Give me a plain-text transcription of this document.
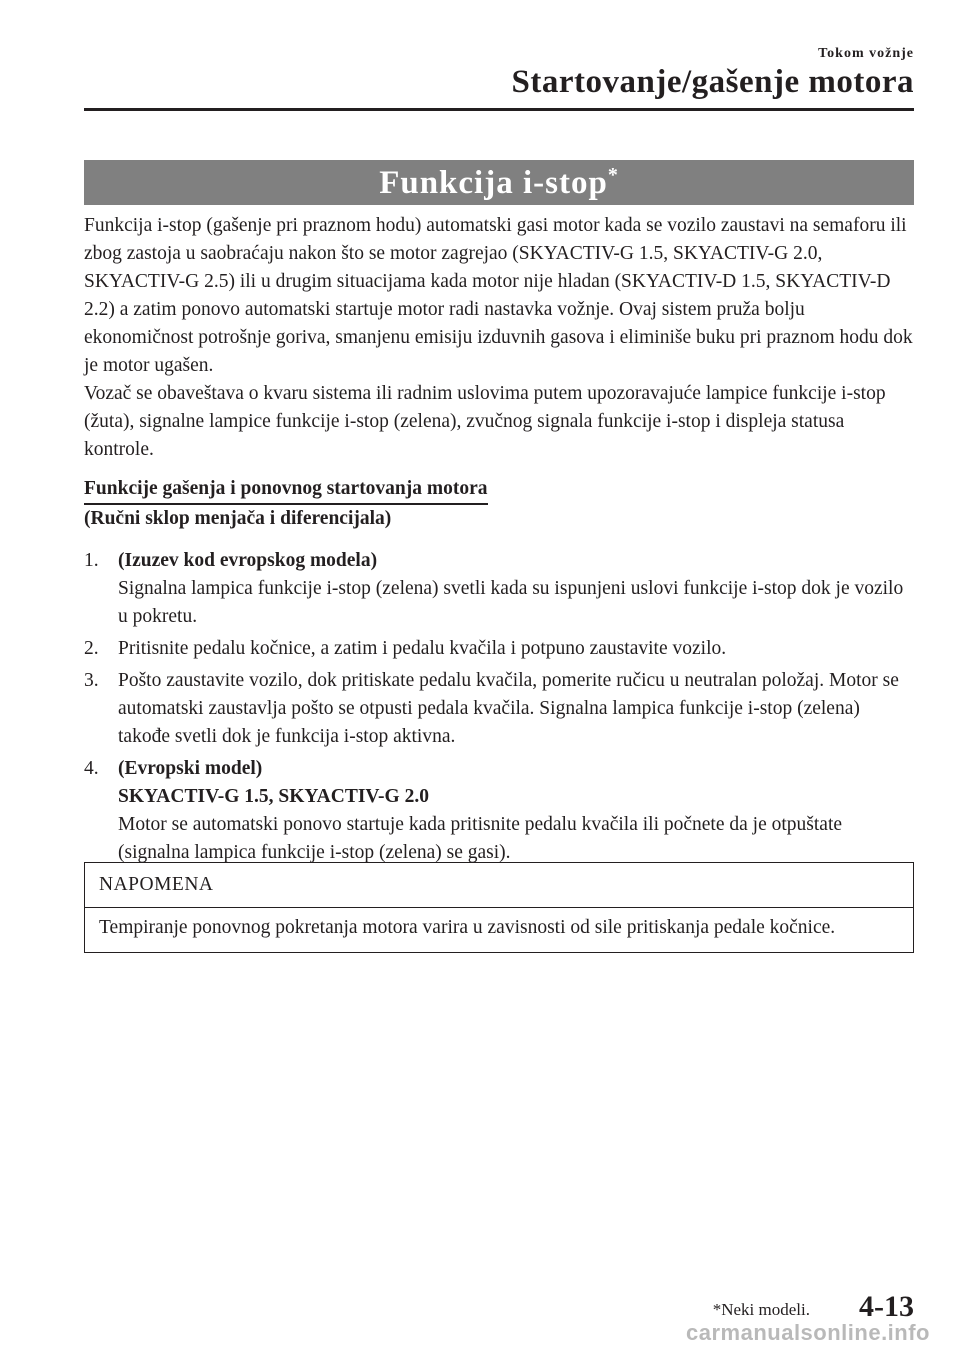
Tokom vožnje
Startovanje/gašenje motora
Funkcija i-stop*

Funkcija i-stop (gašenje pri praznom hodu) automatski gasi motor kada se vozilo zaustavi na semaforu ili zbog zastoja u saobraćaju nakon što se motor zagrejao (SKYACTIV-G 1.5, SKYACTIV-G 2.0, SKYACTIV-G 2.5) ili u drugim situacijama kada motor nije hladan (SKYACTIV-D 1.5, SKYACTIV-D 2.2) a zatim ponovo automatski startuje motor radi nastavka vožnje. Ovaj sistem pruža bolju ekonomičnost potrošnje goriva, smanjenu emisiju izduvnih gasova i eliminiše buku pri praznom hodu dok je motor ugašen.

Vozač se obaveštava o kvaru sistema ili radnim uslovima putem upozoravajuće lampice funkcije i-stop (žuta), signalne lampice funkcije i-stop (zelena), zvučnog signala funkcije i-stop i displeja statusa kontrole.

Funkcije gašenja i ponovnog startovanja motora

(Ručni sklop menjača i diferencijala)

1. (Izuzev kod evropskog modela)
Signalna lampica funkcije i-stop (zelena) svetli kada su ispunjeni uslovi funkcije i-stop dok je vozilo u pokretu.
2. Pritisnite pedalu kočnice, a zatim i pedalu kvačila i potpuno zaustavite vozilo.
3. Pošto zaustavite vozilo, dok pritiskate pedalu kvačila, pomerite ručicu u neutralan položaj. Motor se automatski zaustavlja pošto se otpusti pedala kvačila. Signalna lampica funkcije i-stop (zelena) takođe svetli dok je funkcija i-stop aktivna.
4. (Evropski model)
SKYACTIV-G 1.5, SKYACTIV-G 2.0
Motor se automatski ponovo startuje kada pritisnite pedalu kvačila ili počnete da je otpuštate (signalna lampica funkcije i-stop (zelena) se gasi).
NAPOMENA
Tempiranje ponovnog pokretanja motora varira u zavisnosti od sile pritiskanja pedale kočnice.
*Neki modeli. 4-13
carmanualsonline.info
